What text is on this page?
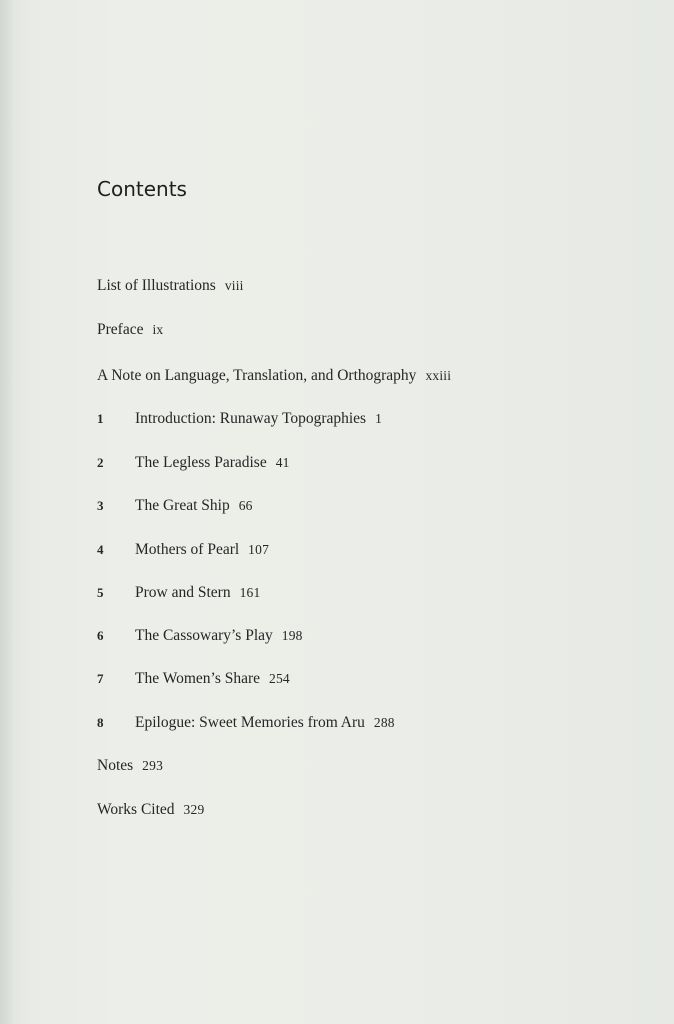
Contents
List of Illustrations viii
Preface ix
A Note on Language, Translation, and Orthography xxiii
1 Introduction: Runaway Topographies 1
2 The Legless Paradise 41
3 The Great Ship 66
4 Mothers of Pearl 107
5 Prow and Stern 161
6 The Cassowary’s Play 198
7 The Women’s Share 254
8 Epilogue: Sweet Memories from Aru 288
Notes 293
Works Cited 329
